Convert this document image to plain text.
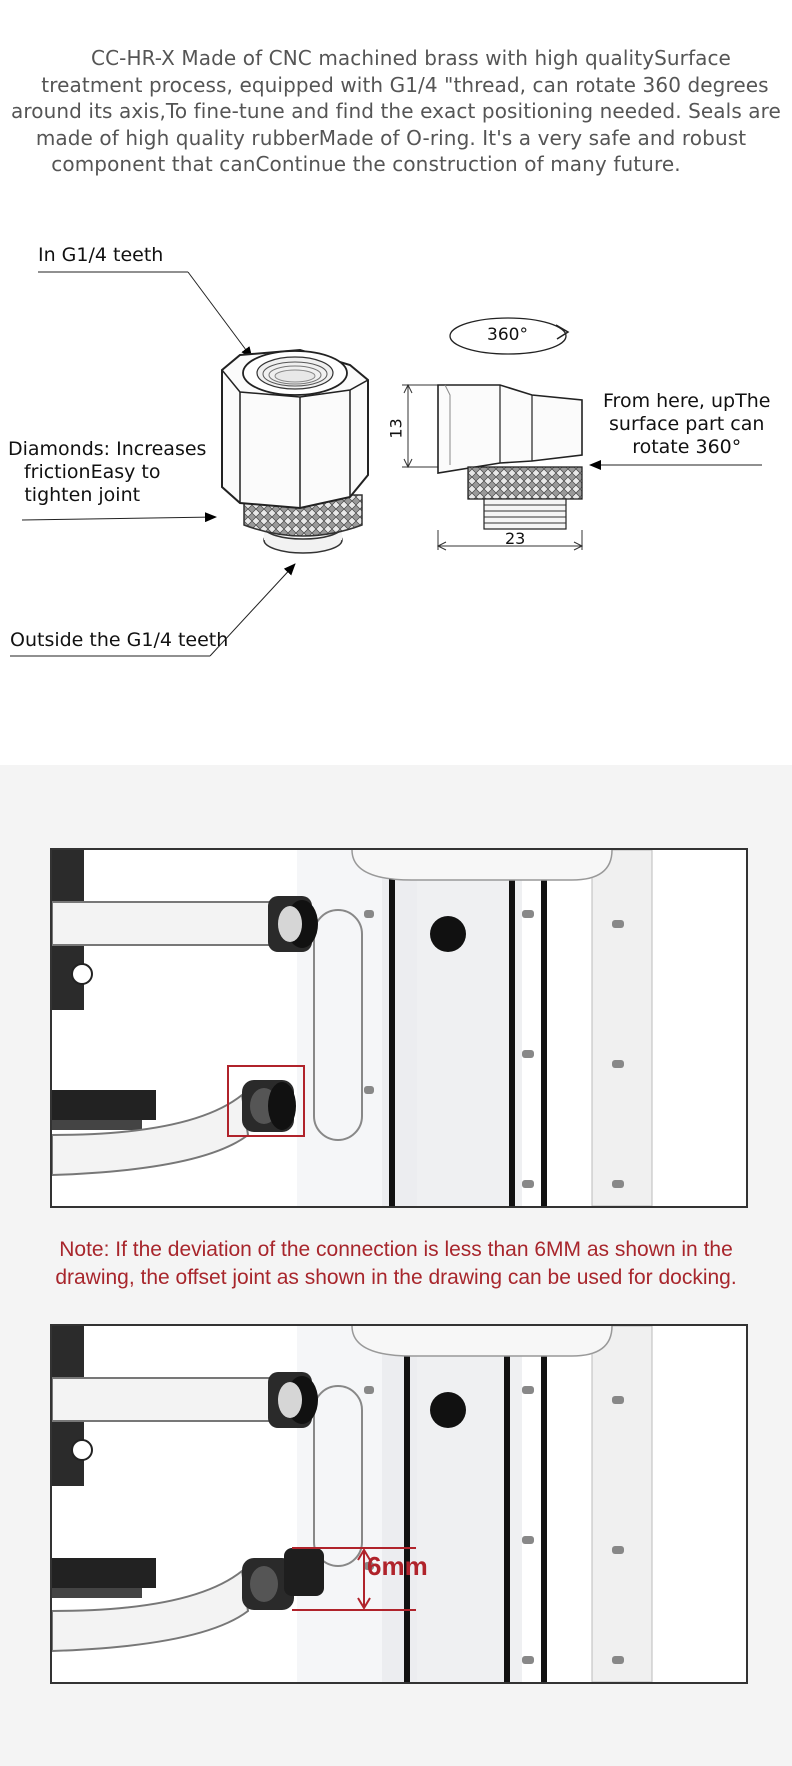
CC-HR-X Made of CNC machined brass with high qualitySurface
treatment process, equipped with G1/4 "thread, can rotate 360 degrees
around its axis,To fine-tune and find the exact positioning needed. Seals are
made of high quality rubberMade of O-ring. It's a very safe and robust
component that canContinue the construction of many future.
In G1/4 teeth
Diamonds: Increases
frictionEasy to
tighten joint
Outside the G1/4 teeth
360°
From here, upThe
surface part can
rotate 360°
13
23
Note: If the deviation of the connection is less than 6MM as shown in the
drawing, the offset joint as shown in the drawing can be used for docking.
6mm
